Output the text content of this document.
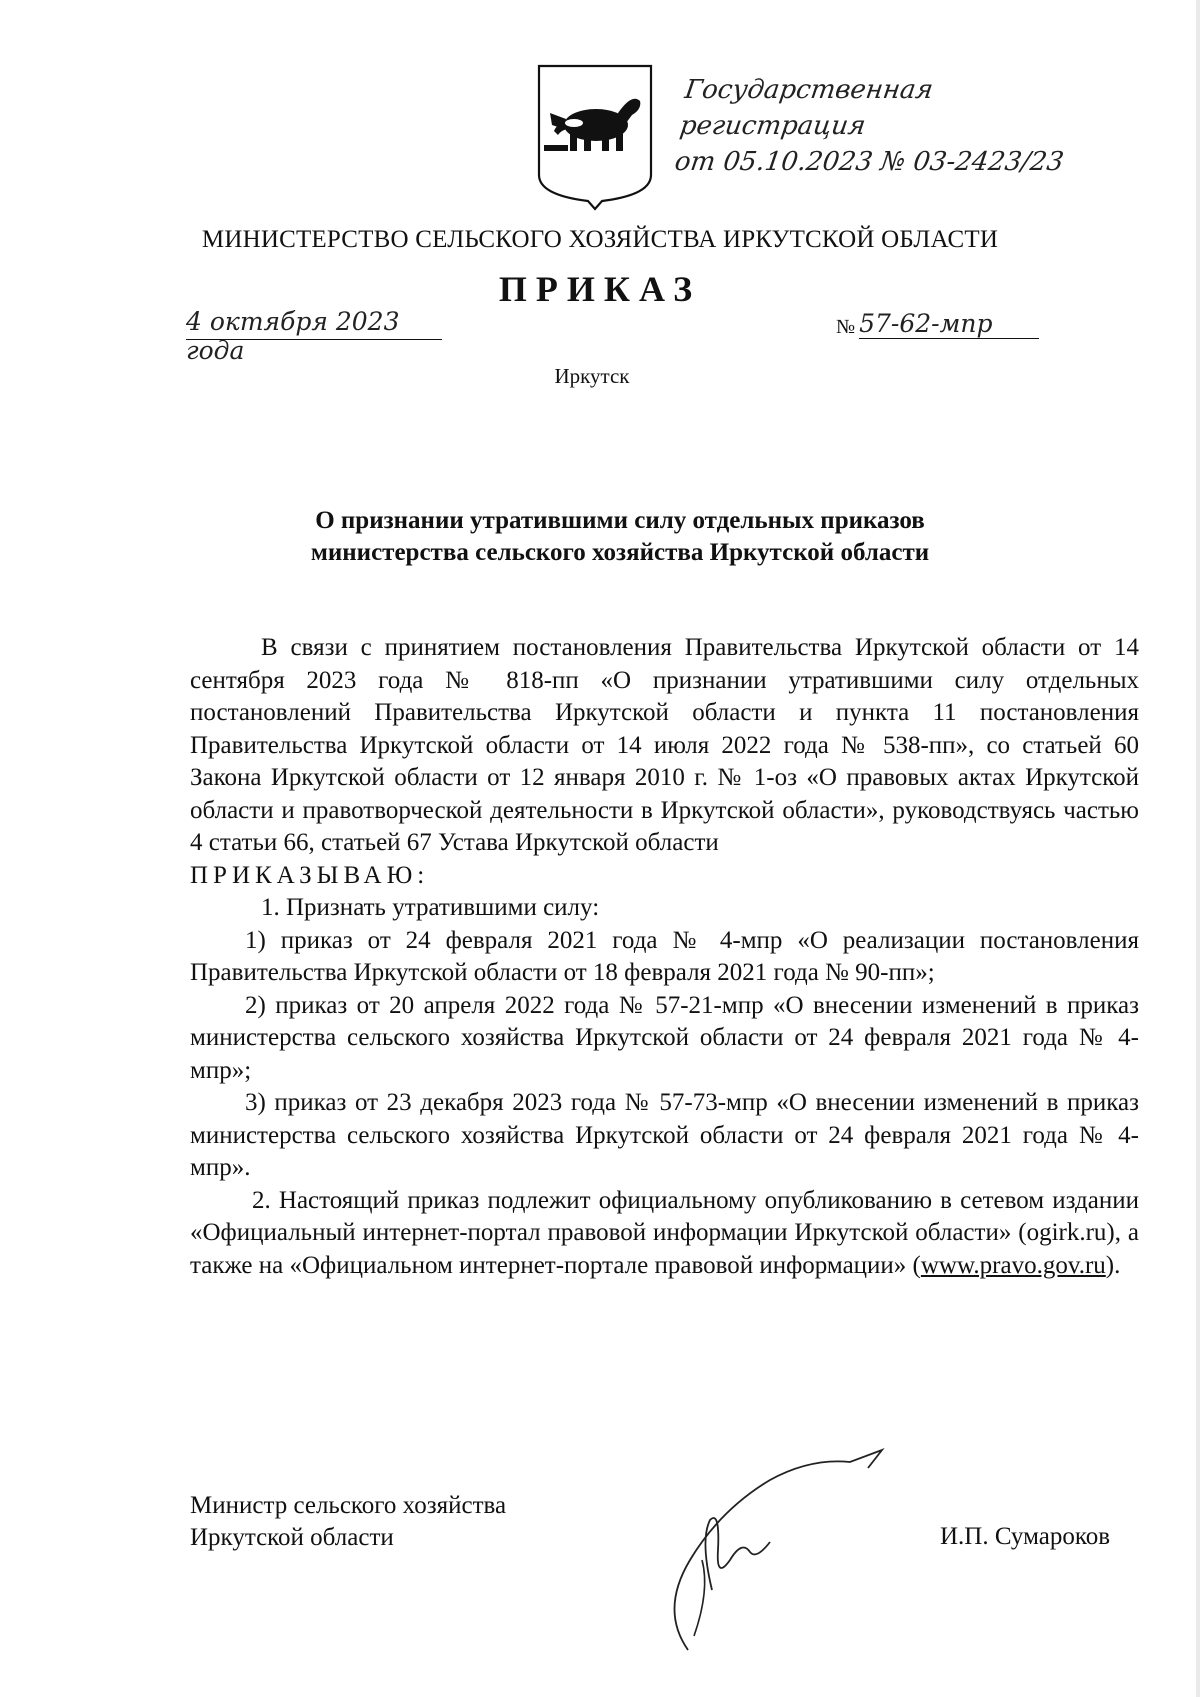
Государственная регистрация
от 05.10.2023 № 03-2423/23
МИНИСТЕРСТВО СЕЛЬСКОГО ХОЗЯЙСТВА ИРКУТСКОЙ ОБЛАСТИ
ПРИКАЗ
4 октября 2023 года
№ 57-62-мпр
Иркутск
О признании утратившими силу отдельных приказов
министерства сельского хозяйства Иркутской области

В связи с принятием постановления Правительства Иркутской области от 14 сентября 2023 года № 818-пп «О признании утратившими силу отдельных постановлений Правительства Иркутской области и пункта 11 постановления Правительства Иркутской области от 14 июля 2022 года № 538-пп», со статьей 60 Закона Иркутской области от 12 января 2010 г. № 1-оз «О правовых актах Иркутской области и правотворческой деятельности в Иркутской области», руководствуясь частью 4 статьи 66, статьей 67 Устава Иркутской области

ПРИКАЗЫВАЮ:

1. Признать утратившими силу:

1) приказ от 24 февраля 2021 года № 4-мпр «О реализации постановления Правительства Иркутской области от 18 февраля 2021 года № 90-пп»;

2) приказ от 20 апреля 2022 года № 57-21-мпр «О внесении изменений в приказ министерства сельского хозяйства Иркутской области от 24 февраля 2021 года № 4-мпр»;

3) приказ от 23 декабря 2023 года № 57-73-мпр «О внесении изменений в приказ министерства сельского хозяйства Иркутской области от 24 февраля 2021 года № 4-мпр».

2. Настоящий приказ подлежит официальному опубликованию в сетевом издании «Официальный интернет-портал правовой информации Иркутской области» (ogirk.ru), а также на «Официальном интернет-портале правовой информации» (www.pravo.gov.ru).

Министр сельского хозяйства
Иркутской области	И.П. Сумароков
